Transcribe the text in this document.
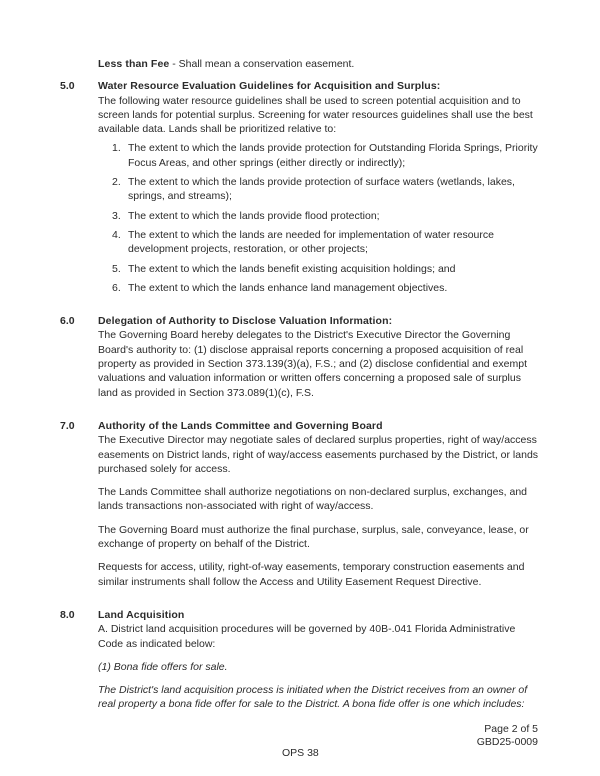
Less than Fee - Shall mean a conservation easement.

5.0	Water Resource Evaluation Guidelines for Acquisition and Surplus:

The following water resource guidelines shall be used to screen potential acquisition and to screen lands for potential surplus. Screening for water resources guidelines shall use the best available data. Lands shall be prioritized relative to:

1. The extent to which the lands provide protection for Outstanding Florida Springs, Priority Focus Areas, and other springs (either directly or indirectly);
2. The extent to which the lands provide protection of surface waters (wetlands, lakes, springs, and streams);
3. The extent to which the lands provide flood protection;
4. The extent to which the lands are needed for implementation of water resource development projects, restoration, or other projects;
5. The extent to which the lands benefit existing acquisition holdings; and
6. The extent to which the lands enhance land management objectives.
6.0	Delegation of Authority to Disclose Valuation Information:

The Governing Board hereby delegates to the District's Executive Director the Governing Board's authority to: (1) disclose appraisal reports concerning a proposed acquisition of real property as provided in Section 373.139(3)(a), F.S.; and (2) disclose confidential and exempt valuations and valuation information or written offers concerning a proposed sale of surplus land as provided in Section 373.089(1)(c), F.S.

7.0	Authority of the Lands Committee and Governing Board

The Executive Director may negotiate sales of declared surplus properties, right of way/access easements on District lands, right of way/access easements purchased by the District, or lands purchased solely for access.

The Lands Committee shall authorize negotiations on non-declared surplus, exchanges, and lands transactions non-associated with right of way/access.

The Governing Board must authorize the final purchase, surplus, sale, conveyance, lease, or exchange of property on behalf of the District.

Requests for access, utility, right-of-way easements, temporary construction easements and similar instruments shall follow the Access and Utility Easement Request Directive.

8.0	Land Acquisition

A. District land acquisition procedures will be governed by 40B-.041 Florida Administrative Code as indicated below:

(1) Bona fide offers for sale.

The District's land acquisition process is initiated when the District receives from an owner of real property a bona fide offer for sale to the District. A bona fide offer is one which includes:

Page 2 of 5
GBD25-0009
OPS 38
